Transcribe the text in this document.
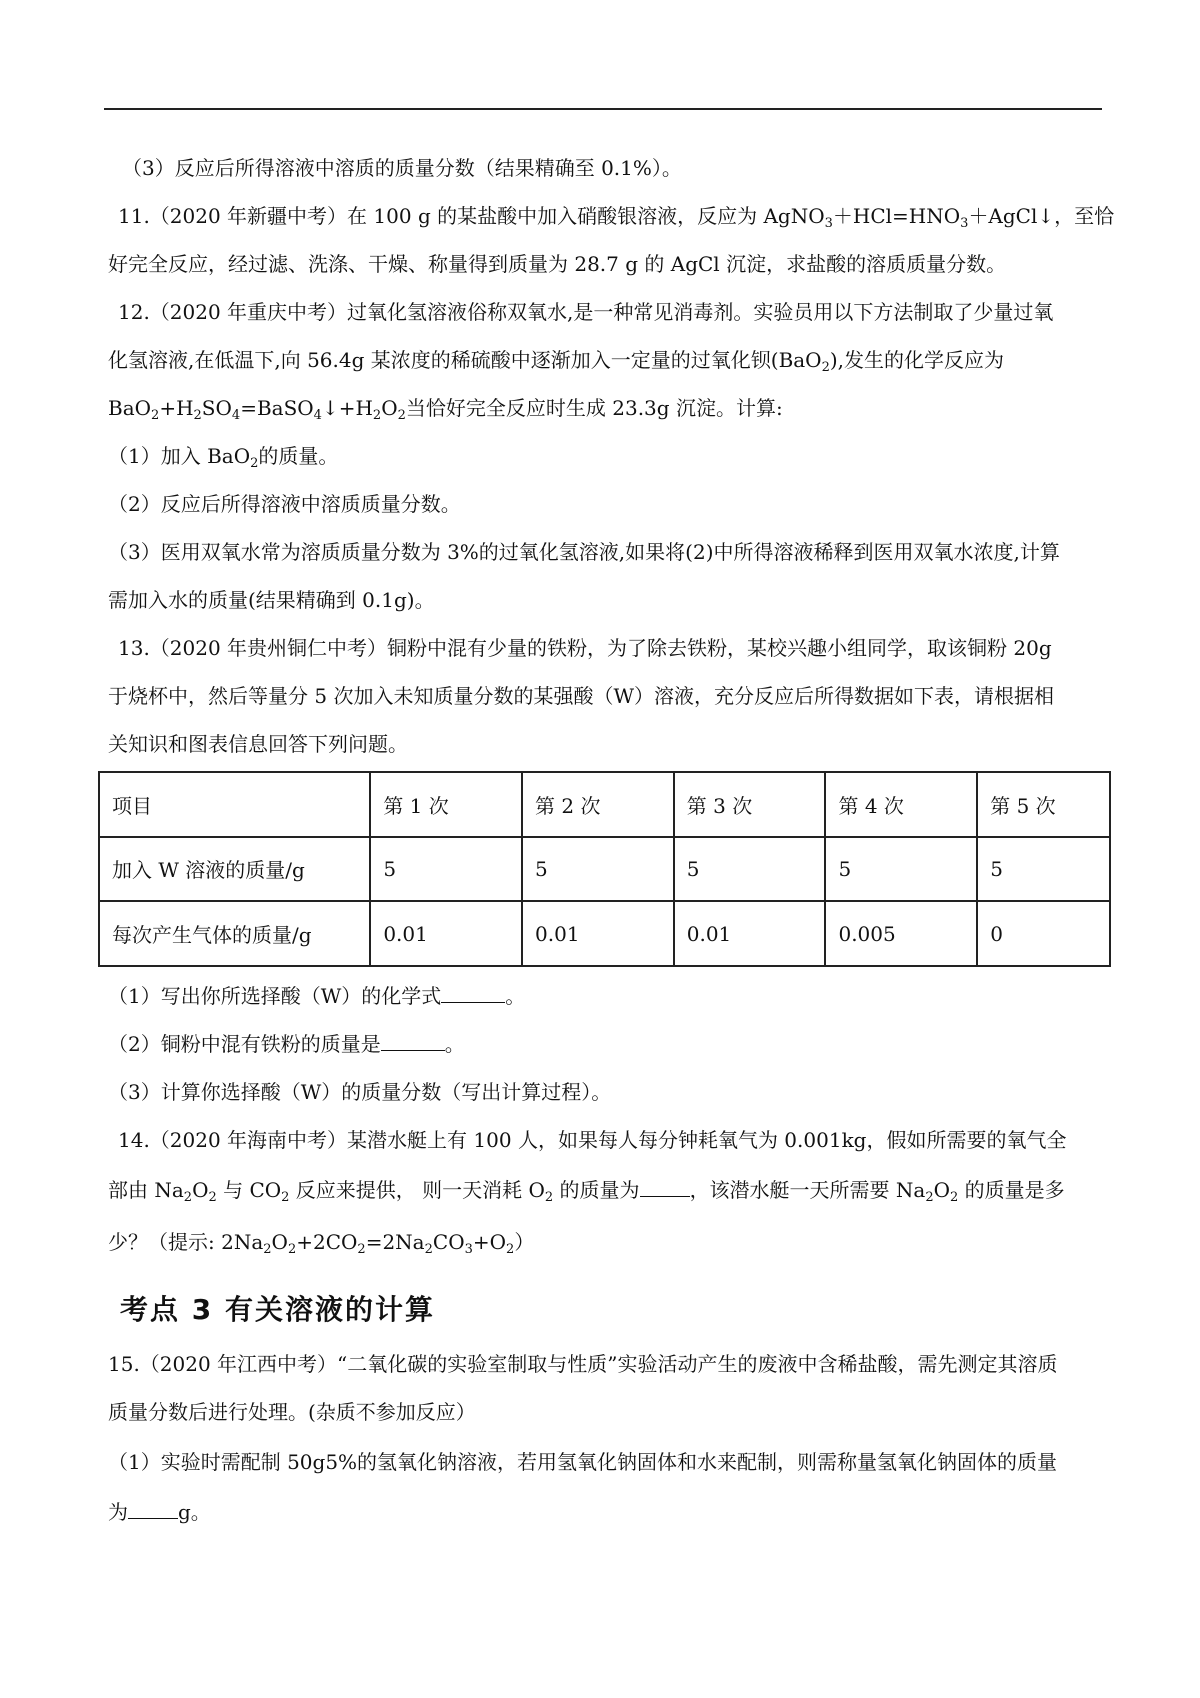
（3）反应后所得溶液中溶质的质量分数（结果精确至 0.1%）。
11.（2020 年新疆中考）在 100 g 的某盐酸中加入硝酸银溶液，反应为 $AgNO_3+HCl=HNO_3+AgCl↓$，至恰
好完全反应，经过滤、洗涤、干燥、称量得到质量为 28.7 g 的 AgCl 沉淀，求盐酸的溶质质量分数。
12.（2020 年重庆中考）过氧化氢溶液俗称双氧水,是一种常见消毒剂。实验员用以下方法制取了少量过氧
化氢溶液,在低温下,向 56.4g 某浓度的稀硫酸中逐渐加入一定量的过氧化钡(BaO$_2$),发生的化学反应为
$BaO_2+H_2SO_4=BaSO_4↓+H_2O_2$当恰好完全反应时生成 23.3g 沉淀。计算:
（1）加入 BaO$_2$的质量。
（2）反应后所得溶液中溶质质量分数。
（3）医用双氧水常为溶质质量分数为 3%的过氧化氢溶液,如果将(2)中所得溶液稀释到医用双氧水浓度,计算
需加入水的质量(结果精确到 0.1g)。
13.（2020 年贵州铜仁中考）铜粉中混有少量的铁粉，为了除去铁粉，某校兴趣小组同学，取该铜粉 20g
于烧杯中，然后等量分 5 次加入未知质量分数的某强酸（W）溶液，充分反应后所得数据如下表，请根据相
关知识和图表信息回答下列问题。
项目	第 1 次	第 2 次	第 3 次	第 4 次	第 5 次
加入 W 溶液的质量/g	5	5	5	5	5
每次产生气体的质量/g	0.01	0.01	0.01	0.005	0
（1）写出你所选择酸（W）的化学式	。
（2）铜粉中混有铁粉的质量是	。
（3）计算你选择酸（W）的质量分数（写出计算过程）。
14.（2020 年海南中考）某潜水艇上有 100 人，如果每人每分钟耗氧气为 0.001kg，假如所需要的氧气全
部由 $Na_2O_2$ 与 $CO_2$ 反应来提供， 则一天消耗 $O_2$ 的质量为	，该潜水艇一天所需要 $Na_2O_2$ 的质量是多
少？（提示: $2Na_2O_2+2CO_2=2Na_2CO_3+O_2$）
考点 3 有关溶液的计算
15.（2020 年江西中考）“二氧化碳的实验室制取与性质”实验活动产生的废液中含稀盐酸，需先测定其溶质
质量分数后进行处理。(杂质不参加反应）
（1）实验时需配制 50g5%的氢氧化钠溶液，若用氢氧化钠固体和水来配制，则需称量氢氧化钠固体的质量
为	g。
